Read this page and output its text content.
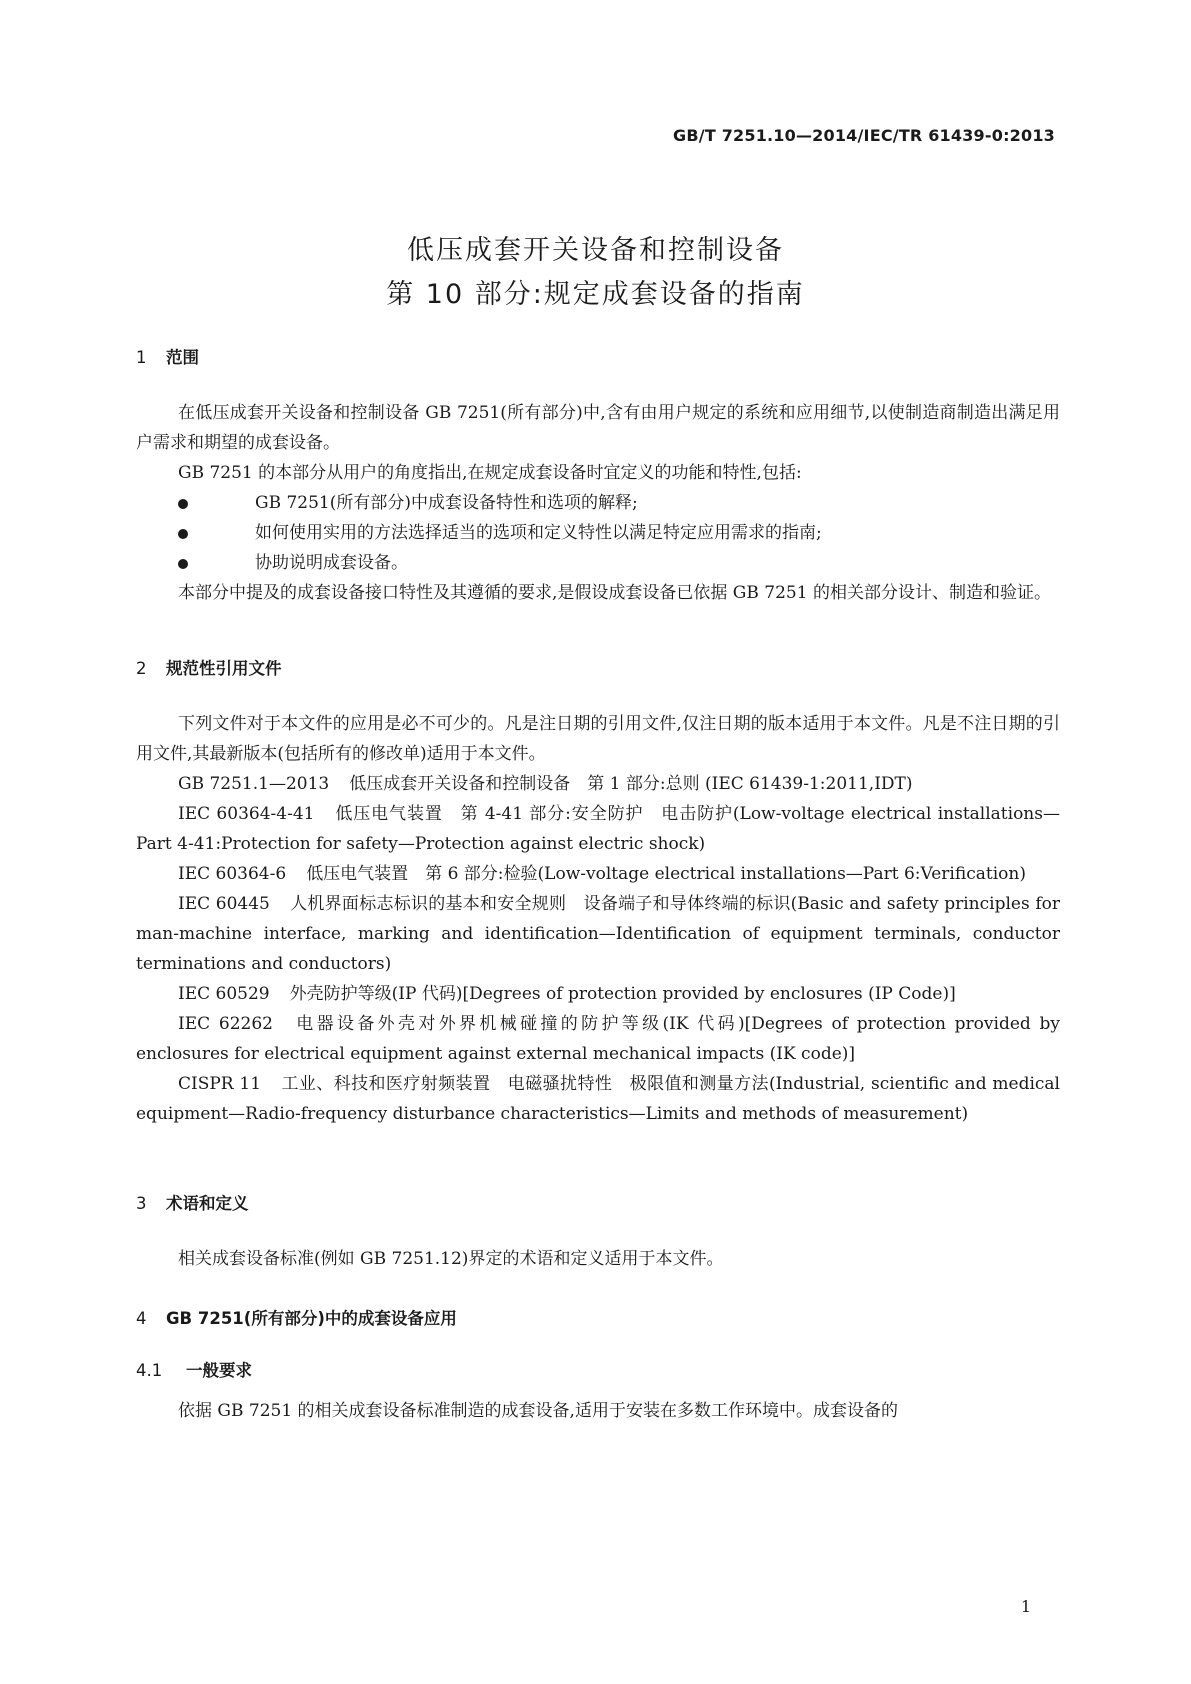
GB/T 7251.10—2014/IEC/TR 61439-0:2013
低压成套开关设备和控制设备
第 10 部分:规定成套设备的指南
1 范围

在低压成套开关设备和控制设备 GB 7251(所有部分)中,含有由用户规定的系统和应用细节,以使制造商制造出满足用户需求和期望的成套设备。

GB 7251 的本部分从用户的角度指出,在规定成套设备时宜定义的功能和特性,包括:

GB 7251(所有部分)中成套设备特性和选项的解释;

如何使用实用的方法选择适当的选项和定义特性以满足特定应用需求的指南;

协助说明成套设备。

本部分中提及的成套设备接口特性及其遵循的要求,是假设成套设备已依据 GB 7251 的相关部分设计、制造和验证。

2 规范性引用文件

下列文件对于本文件的应用是必不可少的。凡是注日期的引用文件,仅注日期的版本适用于本文件。凡是不注日期的引用文件,其最新版本(包括所有的修改单)适用于本文件。

GB 7251.1—2013 低压成套开关设备和控制设备　第 1 部分:总则 (IEC 61439-1:2011,IDT)

IEC 60364-4-41 低压电气装置　第 4-41 部分:安全防护　电击防护(Low-voltage electrical installations—Part 4-41:Protection for safety—Protection against electric shock)

IEC 60364-6 低压电气装置　第 6 部分:检验(Low-voltage electrical installations—Part 6:Verification)

IEC 60445 人机界面标志标识的基本和安全规则　设备端子和导体终端的标识(Basic and safety principles for man-machine interface, marking and identification—Identification of equipment terminals, conductor terminations and conductors)

IEC 60529 外壳防护等级(IP 代码)[Degrees of protection provided by enclosures (IP Code)]

IEC 62262 电器设备外壳对外界机械碰撞的防护等级(IK 代码)[Degrees of protection provided by enclosures for electrical equipment against external mechanical impacts (IK code)]

CISPR 11 工业、科技和医疗射频装置　电磁骚扰特性　极限值和测量方法(Industrial, scientific and medical equipment—Radio-frequency disturbance characteristics—Limits and methods of measurement)

3 术语和定义

相关成套设备标准(例如 GB 7251.12)界定的术语和定义适用于本文件。

4 GB 7251(所有部分)中的成套设备应用
4.1 一般要求

依据 GB 7251 的相关成套设备标准制造的成套设备,适用于安装在多数工作环境中。成套设备的

1
